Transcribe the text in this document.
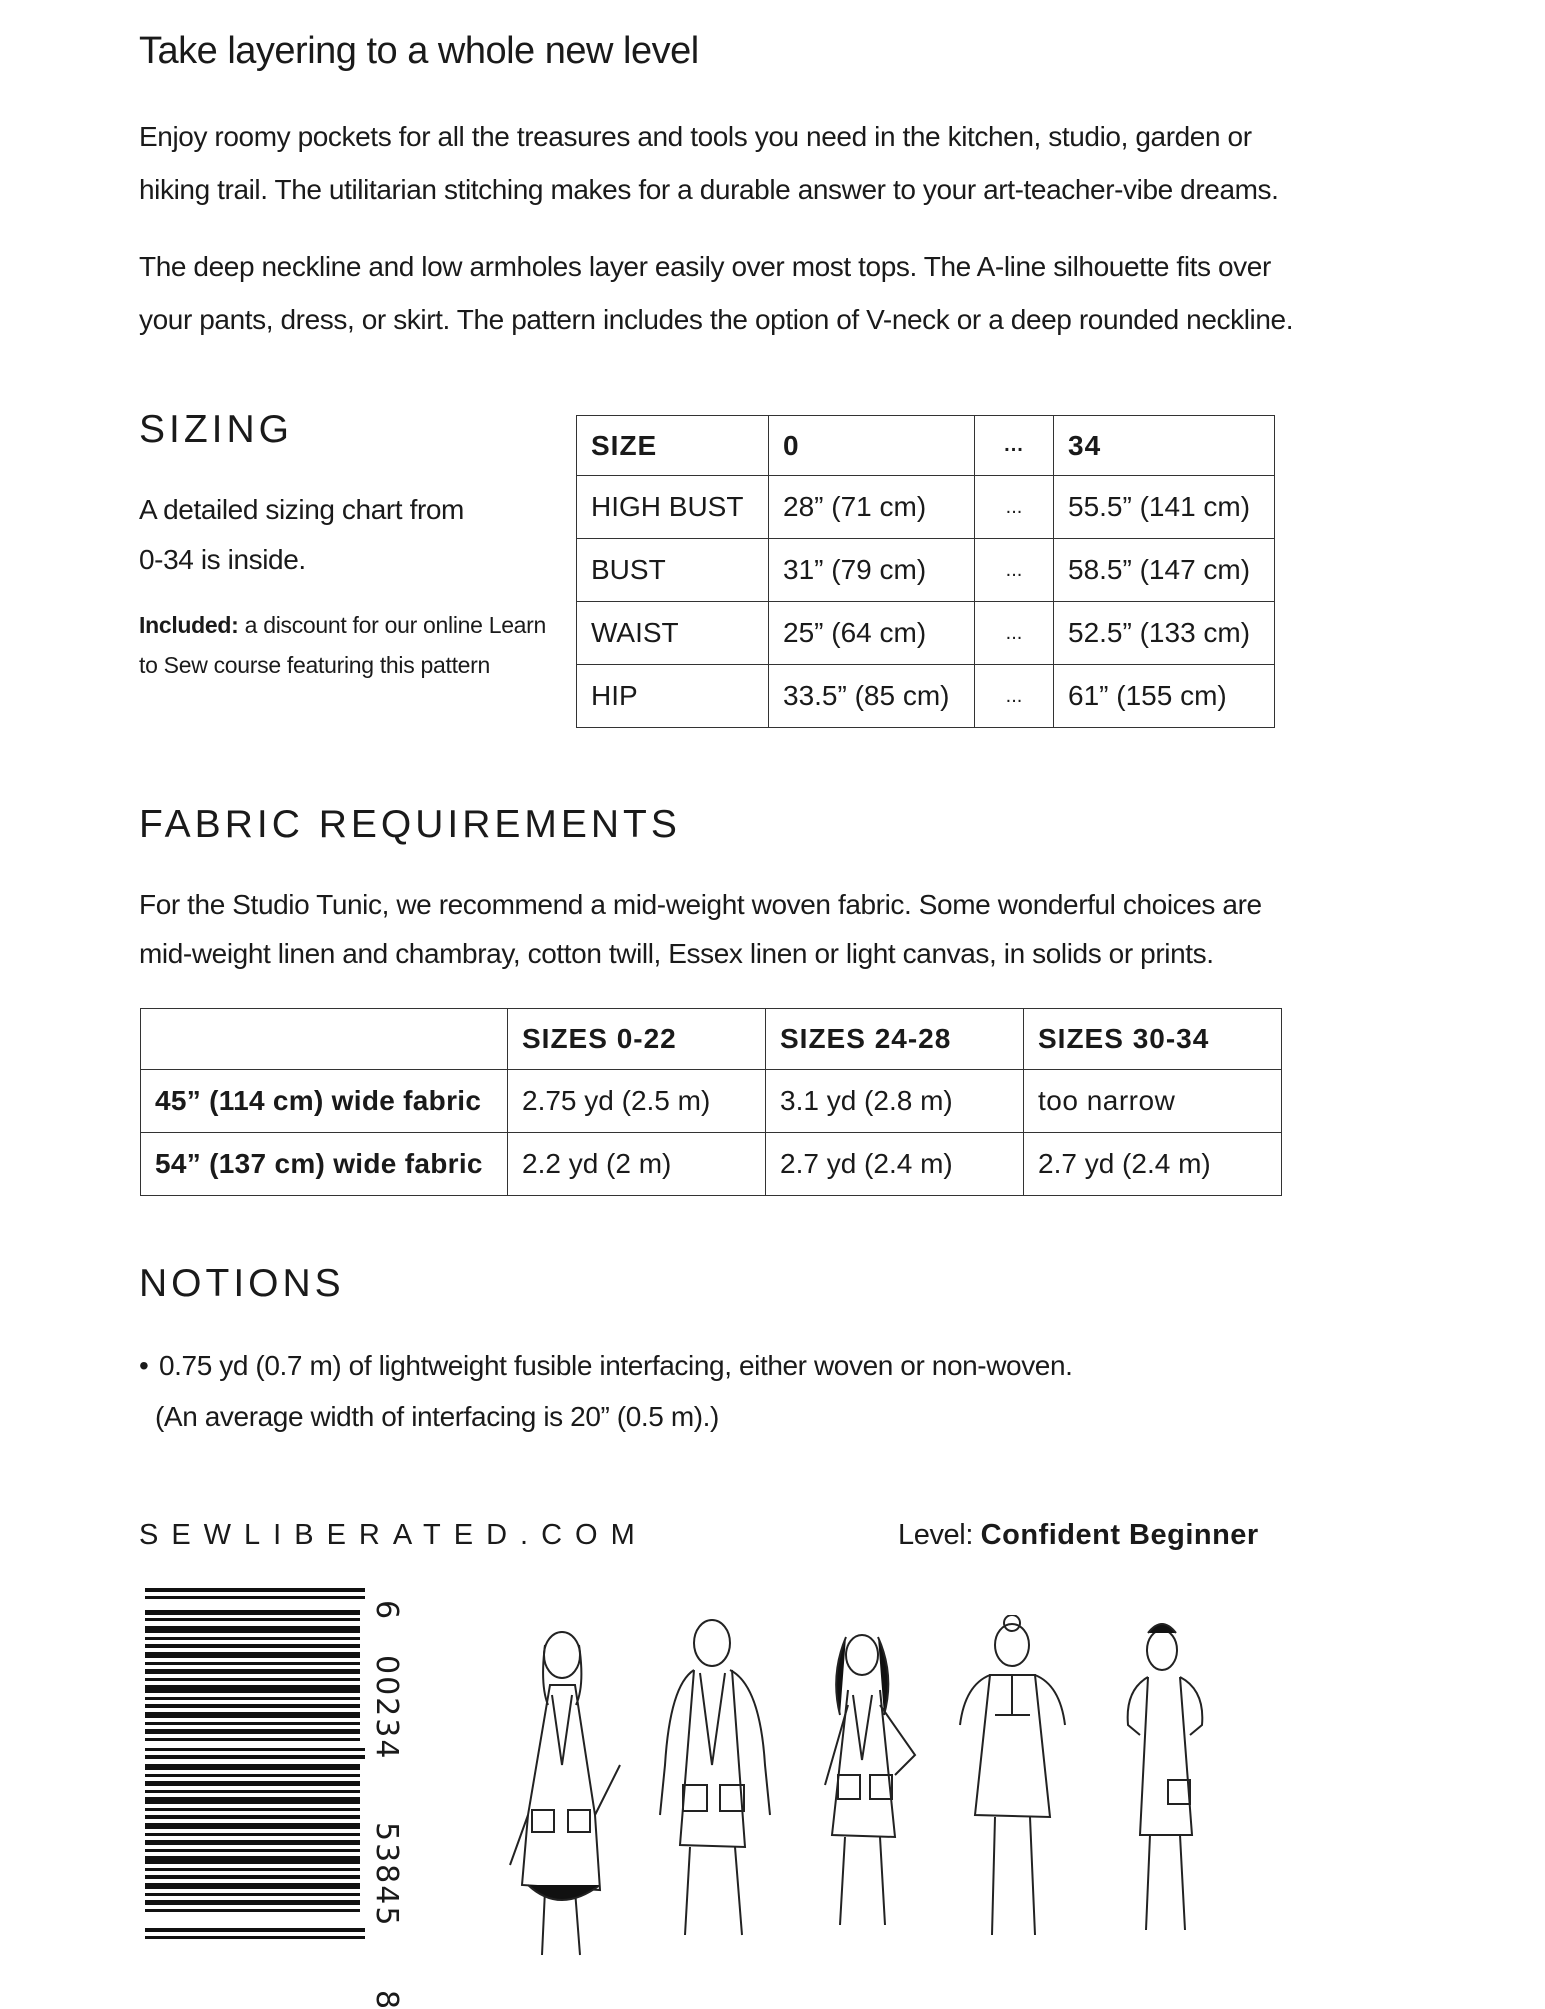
Take layering to a whole new level

Enjoy roomy pockets for all the treasures and tools you need in the kitchen, studio, garden or
hiking trail. The utilitarian stitching makes for a durable answer to your art-teacher-vibe dreams.

The deep neckline and low armholes layer easily over most tops. The A-line silhouette fits over
your pants, dress, or skirt. The pattern includes the option of V-neck or a deep rounded neckline.

SIZING

A detailed sizing chart from
0-34 is inside.

Included: a discount for our online Learn
to Sew course featuring this pattern

SIZE	0	...	34
HIGH BUST	28” (71 cm)	...	55.5” (141 cm)
BUST	31” (79 cm)	...	58.5” (147 cm)
WAIST	25” (64 cm)	...	52.5” (133 cm)
HIP	33.5” (85 cm)	...	61” (155 cm)
FABRIC REQUIREMENTS

For the Studio Tunic, we recommend a mid-weight woven fabric. Some wonderful choices are
mid-weight linen and chambray, cotton twill, Essex linen or light canvas, in solids or prints.

	SIZES 0-22	SIZES 24-28	SIZES 30-34
45” (114 cm) wide fabric	2.75 yd (2.5 m)	3.1 yd (2.8 m)	too narrow
54” (137 cm) wide fabric	2.2 yd (2 m)	2.7 yd (2.4 m)	2.7 yd (2.4 m)
NOTIONS
• 0.75 yd (0.7 m) of lightweight fusible interfacing, either woven or non-woven.
(An average width of interfacing is 20” (0.5 m).)
SEWLIBERATED.COM	Level: Confident Beginner
6
00234
53845
8
